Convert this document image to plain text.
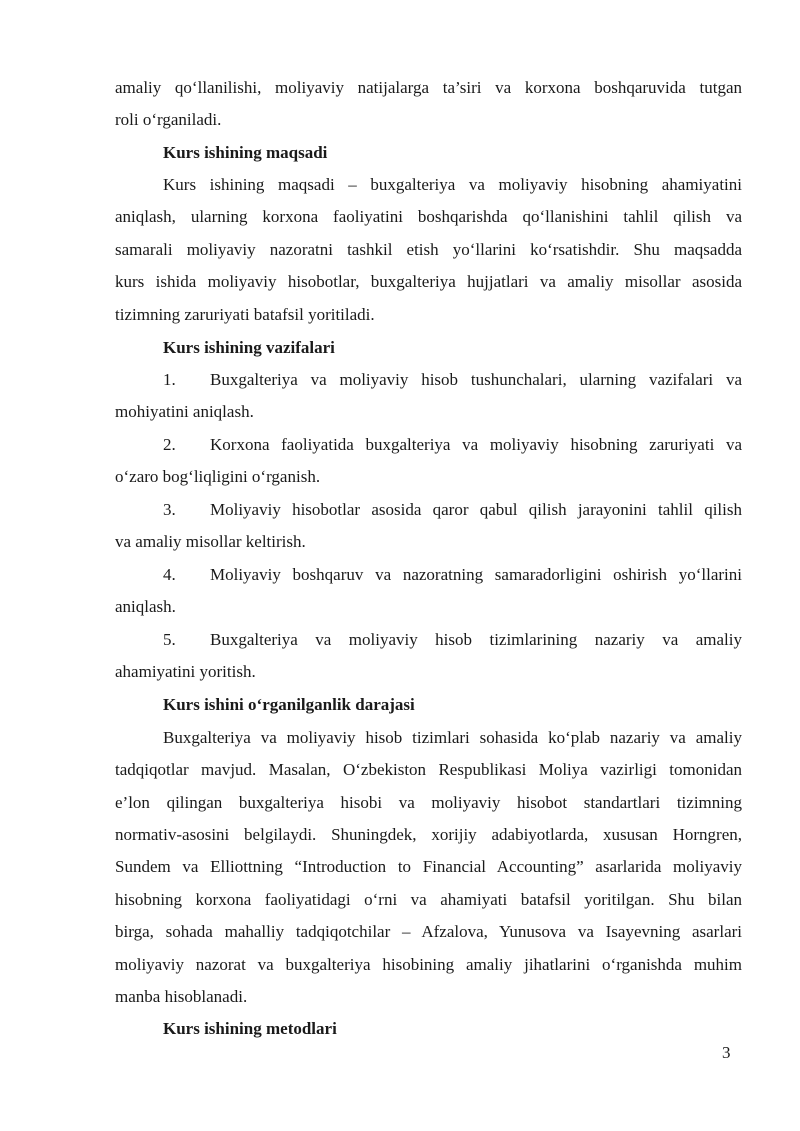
amaliy qo‘llanilishi, moliyaviy natijalarga ta’siri va korxona boshqaruvida tutgan
roli o‘rganiladi.
Kurs ishining maqsadi
Kurs ishining maqsadi – buxgalteriya va moliyaviy hisobning ahamiyatini
aniqlash, ularning korxona faoliyatini boshqarishda qo‘llanishini tahlil qilish va
samarali moliyaviy nazoratni tashkil etish yo‘llarini ko‘rsatishdir. Shu maqsadda
kurs ishida moliyaviy hisobotlar, buxgalteriya hujjatlari va amaliy misollar asosida
tizimning zaruriyati batafsil yoritiladi.
Kurs ishining vazifalari
1.	Buxgalteriya va moliyaviy hisob tushunchalari, ularning vazifalari va
mohiyatini aniqlash.
2.	Korxona faoliyatida buxgalteriya va moliyaviy hisobning zaruriyati va
o‘zaro bog‘liqligini o‘rganish.
3.	Moliyaviy hisobotlar asosida qaror qabul qilish jarayonini tahlil qilish
va amaliy misollar keltirish.
4.	Moliyaviy boshqaruv va nazoratning samaradorligini oshirish yo‘llarini
aniqlash.
5.	Buxgalteriya va moliyaviy hisob tizimlarining nazariy va amaliy
ahamiyatini yoritish.
Kurs ishini o‘rganilganlik darajasi
Buxgalteriya va moliyaviy hisob tizimlari sohasida ko‘plab nazariy va amaliy
tadqiqotlar mavjud. Masalan, O‘zbekiston Respublikasi Moliya vazirligi tomonidan
e’lon qilingan buxgalteriya hisobi va moliyaviy hisobot standartlari tizimning
normativ-asosini belgilaydi. Shuningdek, xorijiy adabiyotlarda, xususan Horngren,
Sundem va Elliottning “Introduction to Financial Accounting” asarlarida moliyaviy
hisobning korxona faoliyatidagi o‘rni va ahamiyati batafsil yoritilgan. Shu bilan
birga, sohada mahalliy tadqiqotchilar – Afzalova, Yunusova va Isayevning asarlari
moliyaviy nazorat va buxgalteriya hisobining amaliy jihatlarini o‘rganishda muhim
manba hisoblanadi.
Kurs ishining metodlari
3
